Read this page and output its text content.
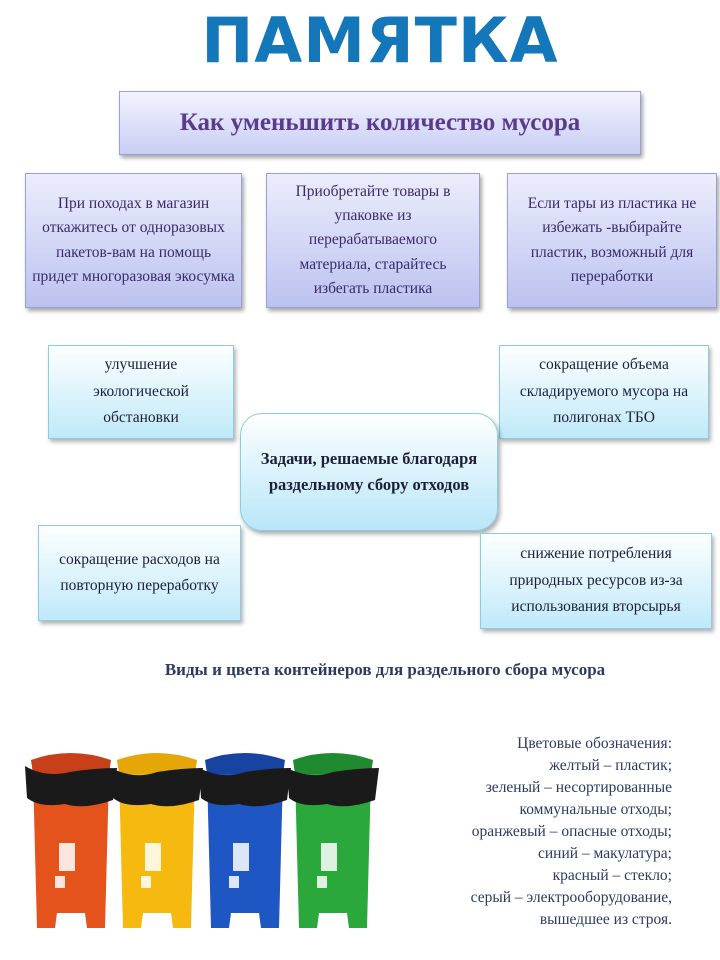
ПАМЯТКА
Как уменьшить количество мусора
При походах в магазин откажитесь от одноразовых пакетов-вам на помощь придет многоразовая экосумка
Приобретайте товары в упаковке из перерабатываемого материала, старайтесь избегать пластика
Если тары из пластика не избежать -выбирайте пластик, возможный для переработки
улучшение экологической обстановки
сокращение объема складируемого мусора на полигонах ТБО
Задачи, решаемые благодаря раздельному сбору отходов
сокращение расходов на повторную переработку
снижение потребления природных ресурсов из-за использования вторсырья
Виды и цвета контейнеров для раздельного сбора мусора
Цветовые обозначения:
желтый – пластик;
зеленый – несортированные
коммунальные отходы;
оранжевый – опасные отходы;
синий – макулатура;
красный – стекло;
серый – электрооборудование,
вышедшее из строя.
